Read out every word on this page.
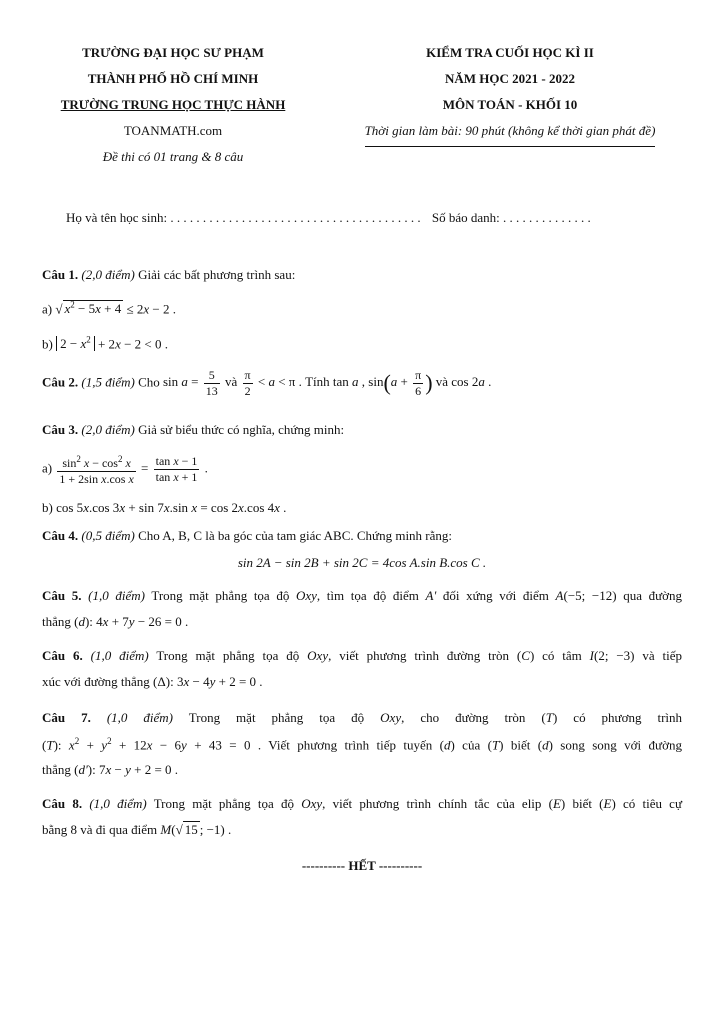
TRƯỜNG ĐẠI HỌC SƯ PHẠM
THÀNH PHỐ HỒ CHÍ MINH
TRƯỜNG TRUNG HỌC THỰC HÀNH
TOANMATH.com
Đề thi có 01 trang & 8 câu
KIỂM TRA CUỐI HỌC KÌ II
NĂM HỌC 2021 - 2022
MÔN TOÁN - KHỐI 10
Thời gian làm bài: 90 phút (không kể thời gian phát đề)
Họ và tên học sinh: . . . . . . . . . . . . . . . . . . . . . . . . . . . . . . . . . . . . . . . Số báo danh: . . . . . . . . . . . . . .
Câu 1. (2,0 điểm) Giải các bất phương trình sau:
a) √ $x^2 - 5x + 4 \le 2x - 2$ .
b) $2 - x^2 + 2x - 2 < 0$ .
Câu 2. (1,5 điểm) Cho $\sin a = \frac{5}{13}$ và $\frac{\pi}{2} < a < \pi$ . Tính tan a , $\sin(a + \frac{\pi}{6}$ ) và cos 2a .
Câu 3. (2,0 điểm) Giả sử biểu thức có nghĩa, chứng minh:
$a) \frac{\sin^2 x - \cos^2 x}{\text{1 + 2sin x.cos x}} = \frac{\text{tan x − 1}}{\text{tan x + 1}}$ .
b) cos 5x.cos 3x + sin 7x.sin x = cos 2x.cos 4x .
Câu 4. (0,5 điểm) Cho A, B, C là ba góc của tam giác ABC. Chứng minh rằng:
sin 2A − sin 2B + sin 2C = 4cos A.sin B.cos C .
Câu 5. (1,0 điểm) Trong mặt phẳng tọa độ Oxy, tìm tọa độ điểm A' đối xứng với điểm A(−5; −12) qua đường
thẳng (d): 4x + 7y − 26 = 0 .
Câu 6. (1,0 điểm) Trong mặt phẳng tọa độ Oxy, viết phương trình đường tròn (C) có tâm I(2; −3) và tiếp
xúc với đường thẳng (Δ): 3x − 4y + 2 = 0 .
Câu 7. (1,0 điểm) Trong mặt phẳng tọa độ Oxy, cho đường tròn (T) có phương trình
(T): $x^2 + y^2 + 12x - 6y + 43 = 0$ . Viết phương trình tiếp tuyến (d) của (T) biết (d) song song với đường
thẳng (d'): 7x − y + 2 = 0 .
Câu 8. (1,0 điểm) Trong mặt phẳng tọa độ Oxy, viết phương trình chính tắc của elip (E) biết (E) có tiêu cự
bằng 8 và đi qua điểm M(√ 15 ; −1) .
---------- HẾT ----------
